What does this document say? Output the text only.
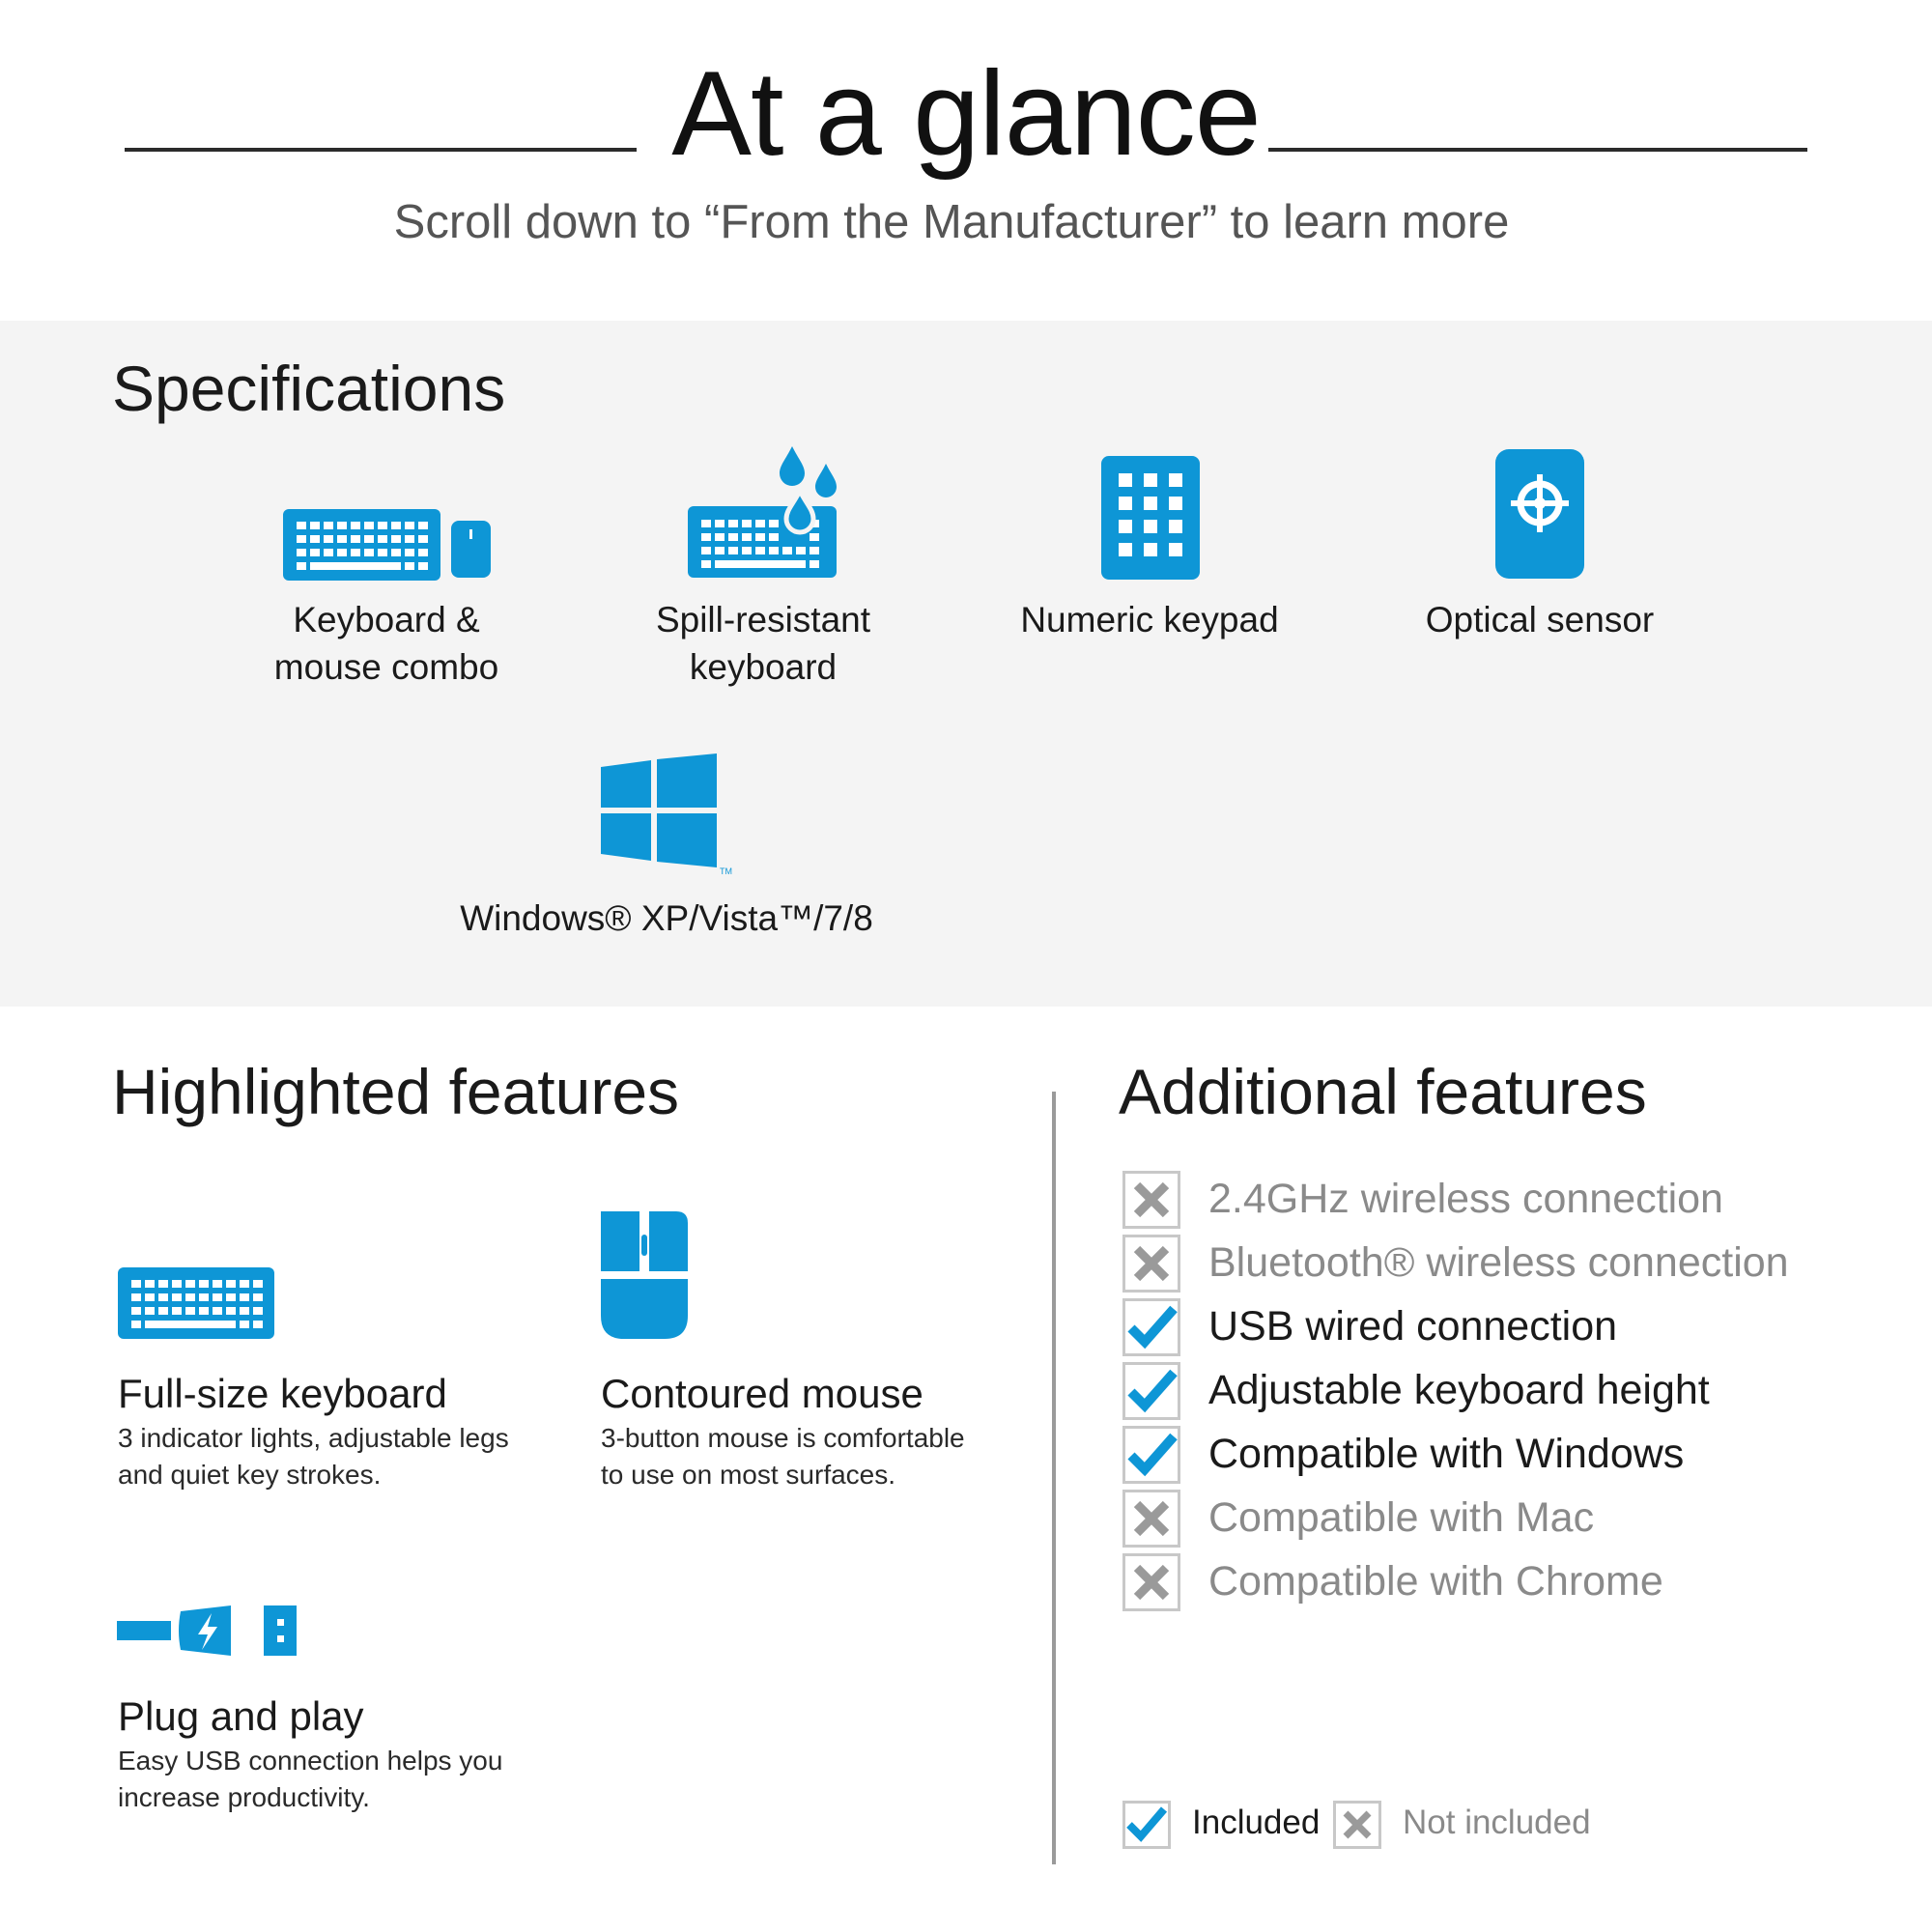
At a glance
Scroll down to “From the Manufacturer” to learn more
Specifications
Keyboard &
mouse combo
Spill-resistant
keyboard
Numeric keypad	Optical sensor
TM
Windows® XP/Vista™/7/8
Highlighted features
Full-size keyboard
3 indicator lights, adjustable legs
and quiet key strokes.
Contoured mouse
3-button mouse is comfortable
to use on most surfaces.
Plug and play
Easy USB connection helps you
increase productivity.
Additional features
2.4GHz wireless connection
Bluetooth® wireless connection
USB wired connection
Adjustable keyboard height
Compatible with Windows
Compatible with Mac
Compatible with Chrome
Included Not included
